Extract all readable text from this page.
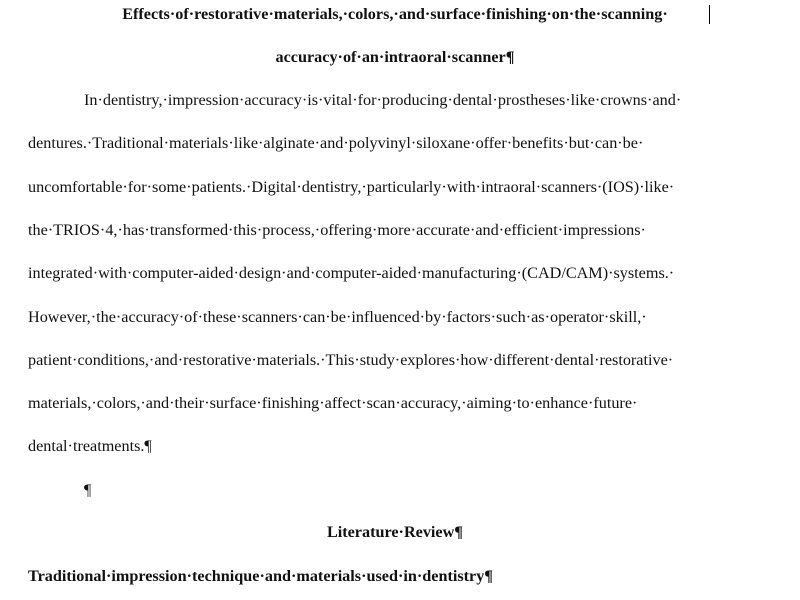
Effects·of·restorative·materials,·colors,·and·surface·finishing·on·the·scanning·
accuracy·of·an·intraoral·scanner¶
In·dentistry,·impression·accuracy·is·vital·for·producing·dental·prostheses·like·crowns·and·
dentures.·Traditional·materials·like·alginate·and·polyvinyl·siloxane·offer·benefits·but·can·be·
uncomfortable·for·some·patients.·Digital·dentistry,·particularly·with·intraoral·scanners·(IOS)·like·
the·TRIOS·4,·has·transformed·this·process,·offering·more·accurate·and·efficient·impressions·
integrated·with·computer-aided·design·and·computer-aided·manufacturing·(CAD/CAM)·systems.·
However,·the·accuracy·of·these·scanners·can·be·influenced·by·factors·such·as·operator·skill,·
patient·conditions,·and·restorative·materials.·This·study·explores·how·different·dental·restorative·
materials,·colors,·and·their·surface·finishing·affect·scan·accuracy,·aiming·to·enhance·future·
dental·treatments.¶
¶
Literature·Review¶
Traditional·impression·technique·and·materials·used·in·dentistry¶
